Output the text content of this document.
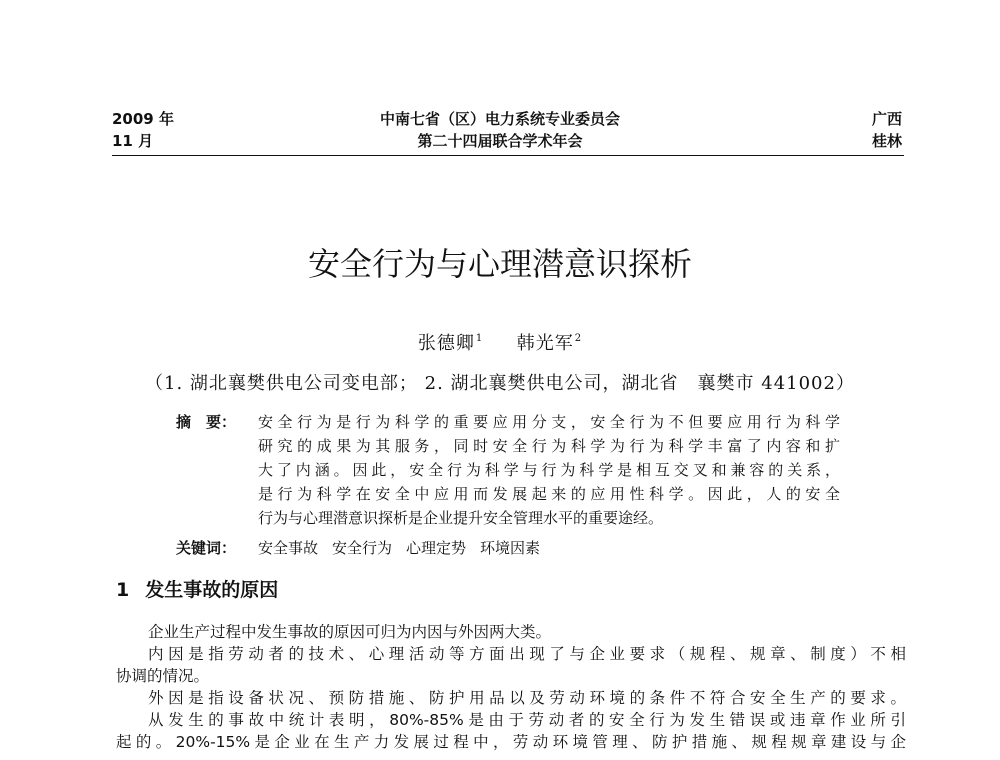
2009 年
11 月
中南七省（区）电力系统专业委员会
第二十四届联合学术年会
广西
桂林
安全行为与心理潜意识探析
张德卿$^1$ 韩光军$^2$
（1. 湖北襄樊供电公司变电部； 2. 湖北襄樊供电公司，湖北省　襄樊市 441002）
摘　要： 安全行为是行为科学的重要应用分支，安全行为不但要应用行为科学
研究的成果为其服务，同时安全行为科学为行为科学丰富了内容和扩
大了内涵。因此，安全行为科学与行为科学是相互交叉和兼容的关系，
是行为科学在安全中应用而发展起来的应用性科学。因此，人的安全
行为与心理潜意识探析是企业提升安全管理水平的重要途经。
关键词： 安全事故 安全行为 心理定势 环境因素
1 发生事故的原因
企业生产过程中发生事故的原因可归为内因与外因两大类。
内因是指劳动者的技术、心理活动等方面出现了与企业要求（规程、规章、制度）不相
协调的情况。
外因是指设备状况、预防措施、防护用品以及劳动环境的条件不符合安全生产的要求。
从发生的事故中统计表明，80%-85%是由于劳动者的安全行为发生错误或违章作业所引
起的。20%-15%是企业在生产力发展过程中，劳动环境管理、防护措施、规程规章建设与企
